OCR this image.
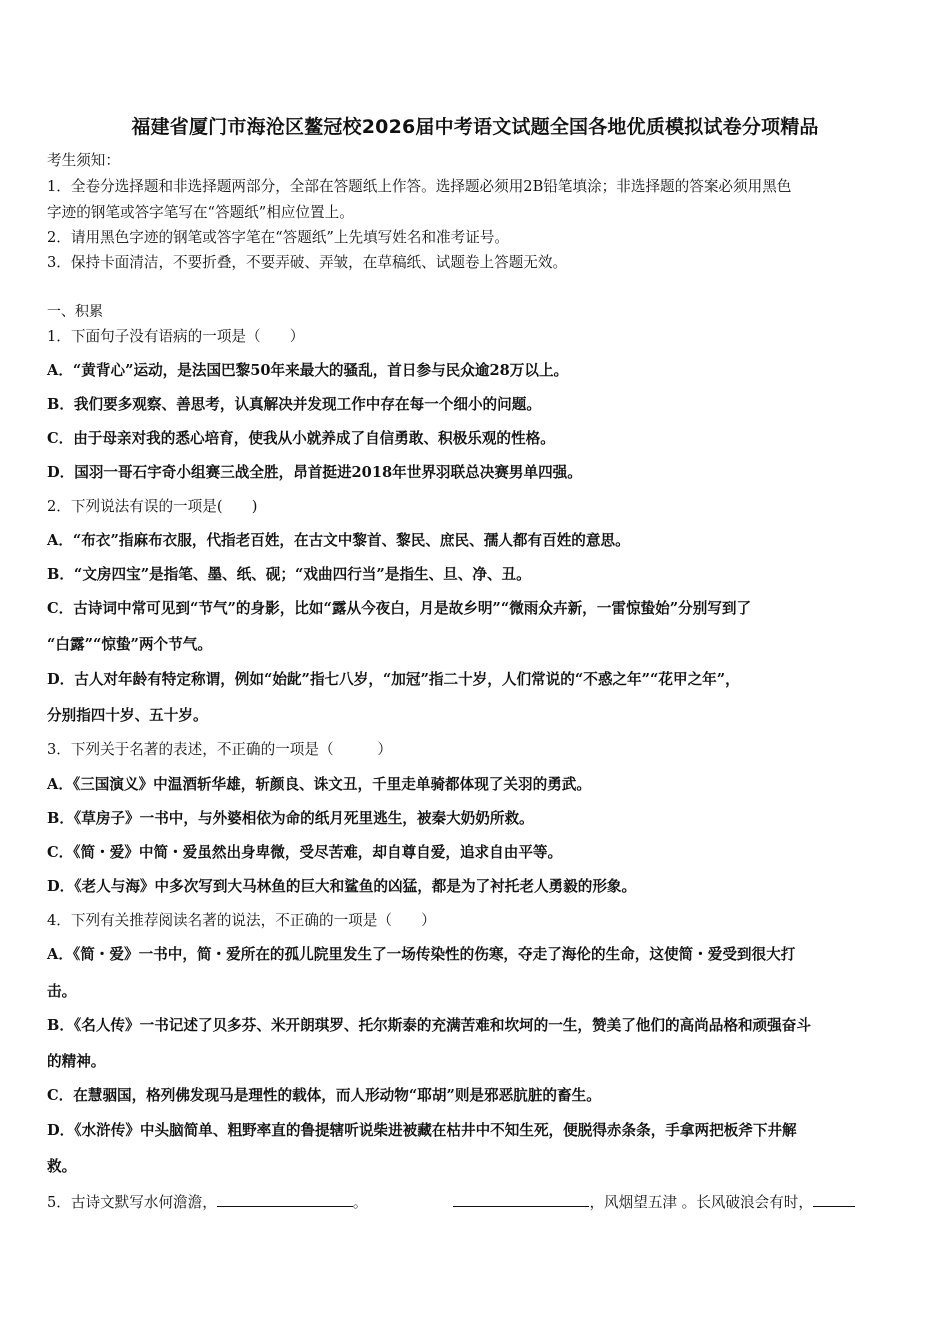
福建省厦门市海沧区鳌冠校2026届中考语文试题全国各地优质模拟试卷分项精品
考生须知：
1．全卷分选择题和非选择题两部分，全部在答题纸上作答。选择题必须用2B铅笔填涂；非选择题的答案必须用黑色
字迹的钢笔或答字笔写在“答题纸”相应位置上。
2．请用黑色字迹的钢笔或答字笔在“答题纸”上先填写姓名和准考证号。
3．保持卡面清洁，不要折叠，不要弄破、弄皱，在草稿纸、试题卷上答题无效。
一、积累
1．下面句子没有语病的一项是（　　）
A．“黄背心”运动，是法国巴黎50年来最大的骚乱，首日参与民众逾28万以上。
B．我们要多观察、善思考，认真解决并发现工作中存在每一个细小的问题。
C．由于母亲对我的悉心培育，使我从小就养成了自信勇敢、积极乐观的性格。
D．国羽一哥石宇奇小组赛三战全胜，昂首挺进2018年世界羽联总决赛男单四强。
2．下列说法有误的一项是(　　)
A．“布衣”指麻布衣服，代指老百姓，在古文中黎首、黎民、庶民、孺人都有百姓的意思。
B．“文房四宝”是指笔、墨、纸、砚；“戏曲四行当”是指生、旦、净、丑。
C．古诗词中常可见到“节气”的身影，比如“露从今夜白，月是故乡明”“微雨众卉新，一雷惊蛰始”分别写到了
“白露”“惊蛰”两个节气。
D．古人对年龄有特定称谓，例如“始龀”指七八岁，“加冠”指二十岁，人们常说的“不惑之年”“花甲之年”，
分别指四十岁、五十岁。
3．下列关于名著的表述，不正确的一项是（　　　）
A．《三国演义》中温酒斩华雄，斩颜良、诛文丑，千里走单骑都体现了关羽的勇武。
B．《草房子》一书中，与外婆相依为命的纸月死里逃生，被秦大奶奶所救。
C．《简・爱》中简・爱虽然出身卑微，受尽苦难，却自尊自爱，追求自由平等。
D．《老人与海》中多次写到大马林鱼的巨大和鲨鱼的凶猛，都是为了衬托老人勇毅的形象。
4．下列有关推荐阅读名著的说法，不正确的一项是（　　）
A．《简・爱》一书中，简・爱所在的孤儿院里发生了一场传染性的伤寒，夺走了海伦的生命，这使简・爱受到很大打
击。
B．《名人传》一书记述了贝多芬、米开朗琪罗、托尔斯泰的充满苦难和坎坷的一生，赞美了他们的高尚品格和顽强奋斗
的精神。
C．在慧骃国，格列佛发现马是理性的载体，而人形动物“耶胡”则是邪恶肮脏的畜生。
D．《水浒传》中头脑简单、粗野率直的鲁提辖听说柴进被藏在枯井中不知生死，便脱得赤条条，手拿两把板斧下井解
救。
5．古诗文默写水何澹澹，	。	，风烟望五津 。长风破浪会有时，
